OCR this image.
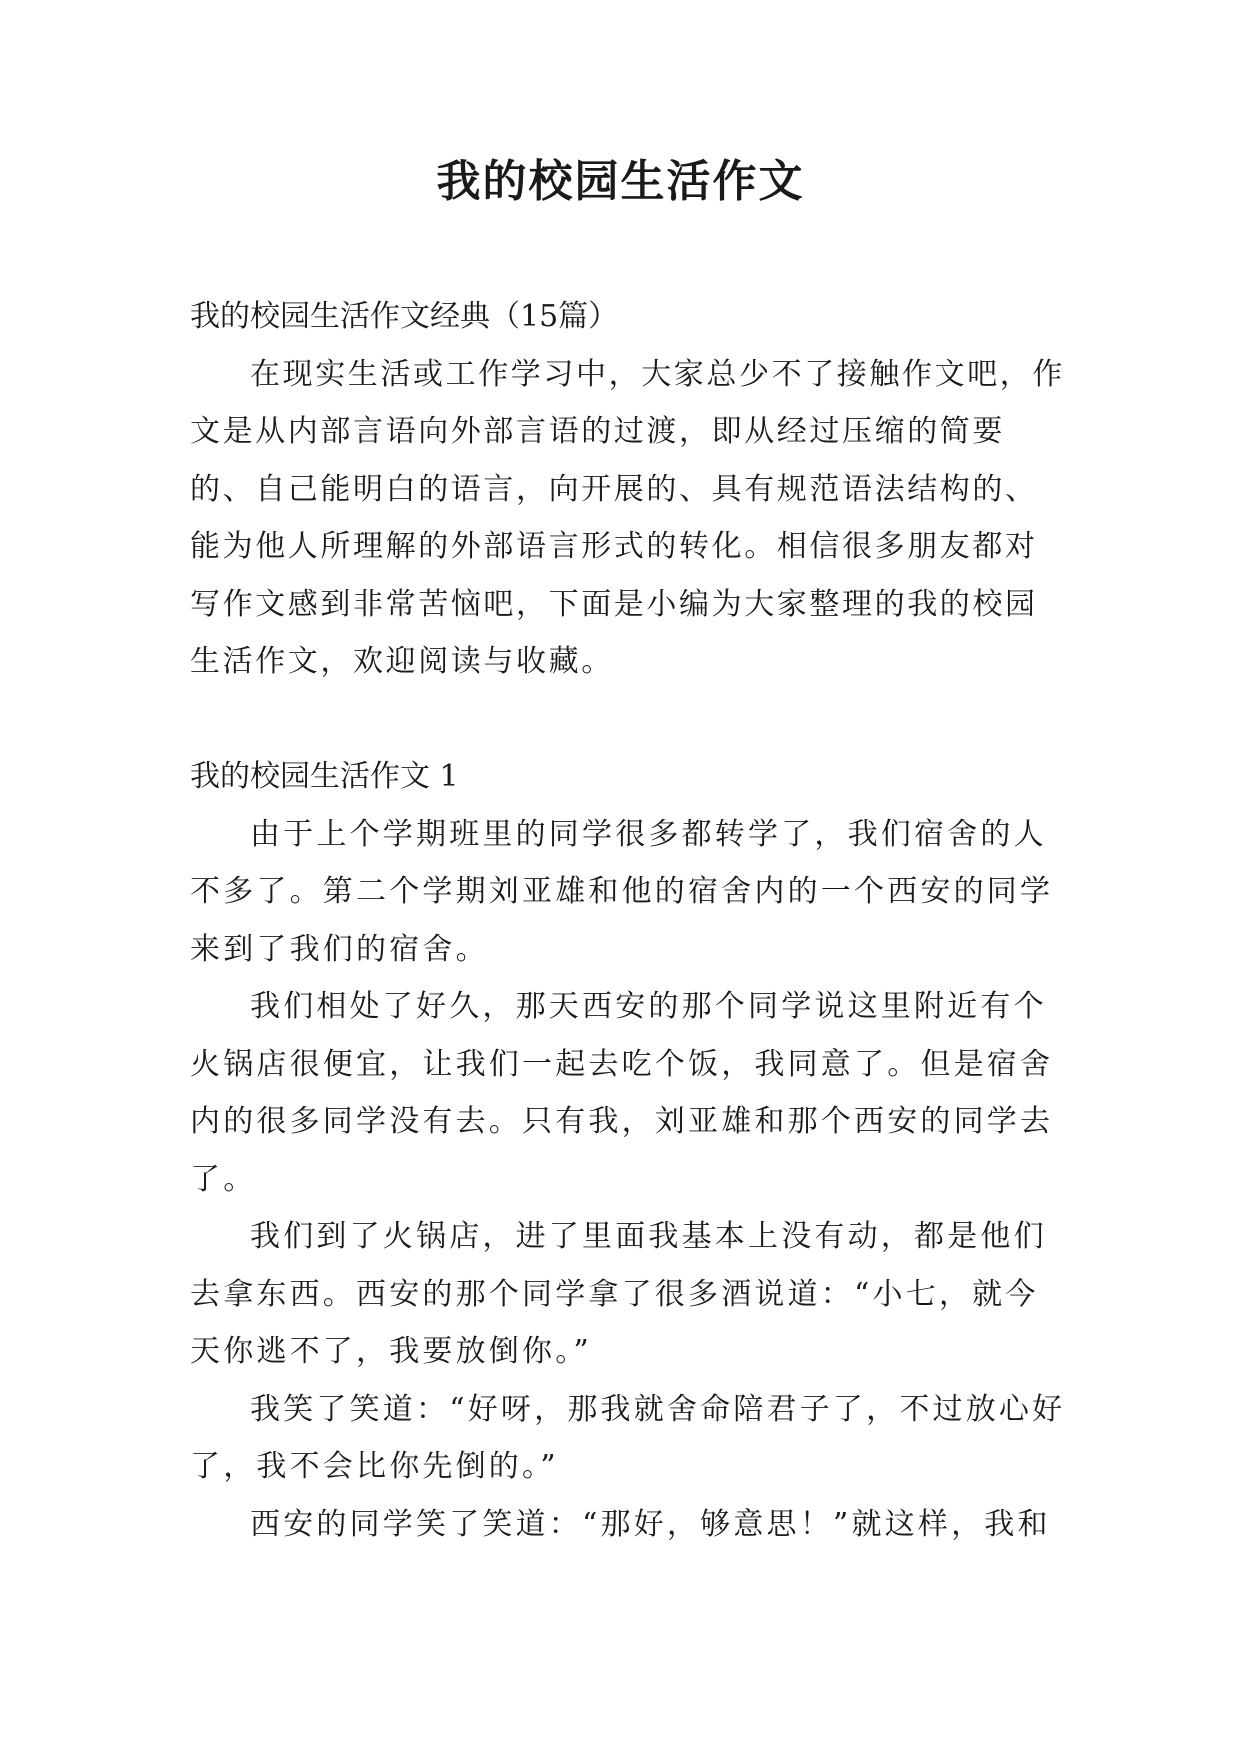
我的校园生活作文

我的校园生活作文经典（15篇）

在现实生活或工作学习中，大家总少不了接触作文吧，作文是从内部言语向外部言语的过渡，即从经过压缩的简要的、自己能明白的语言，向开展的、具有规范语法结构的、能为他人所理解的外部语言形式的转化。相信很多朋友都对写作文感到非常苦恼吧，下面是小编为大家整理的我的校园生活作文，欢迎阅读与收藏。

我的校园生活作文 1

由于上个学期班里的同学很多都转学了，我们宿舍的人不多了。第二个学期刘亚雄和他的宿舍内的一个西安的同学来到了我们的宿舍。

我们相处了好久，那天西安的那个同学说这里附近有个火锅店很便宜，让我们一起去吃个饭，我同意了。但是宿舍内的很多同学没有去。只有我，刘亚雄和那个西安的同学去了。

我们到了火锅店，进了里面我基本上没有动，都是他们去拿东西。西安的那个同学拿了很多酒说道：“小七，就今天你逃不了，我要放倒你。”

我笑了笑道：“好呀，那我就舍命陪君子了，不过放心好了，我不会比你先倒的。”

西安的同学笑了笑道：“那好，够意思！”就这样，我和
